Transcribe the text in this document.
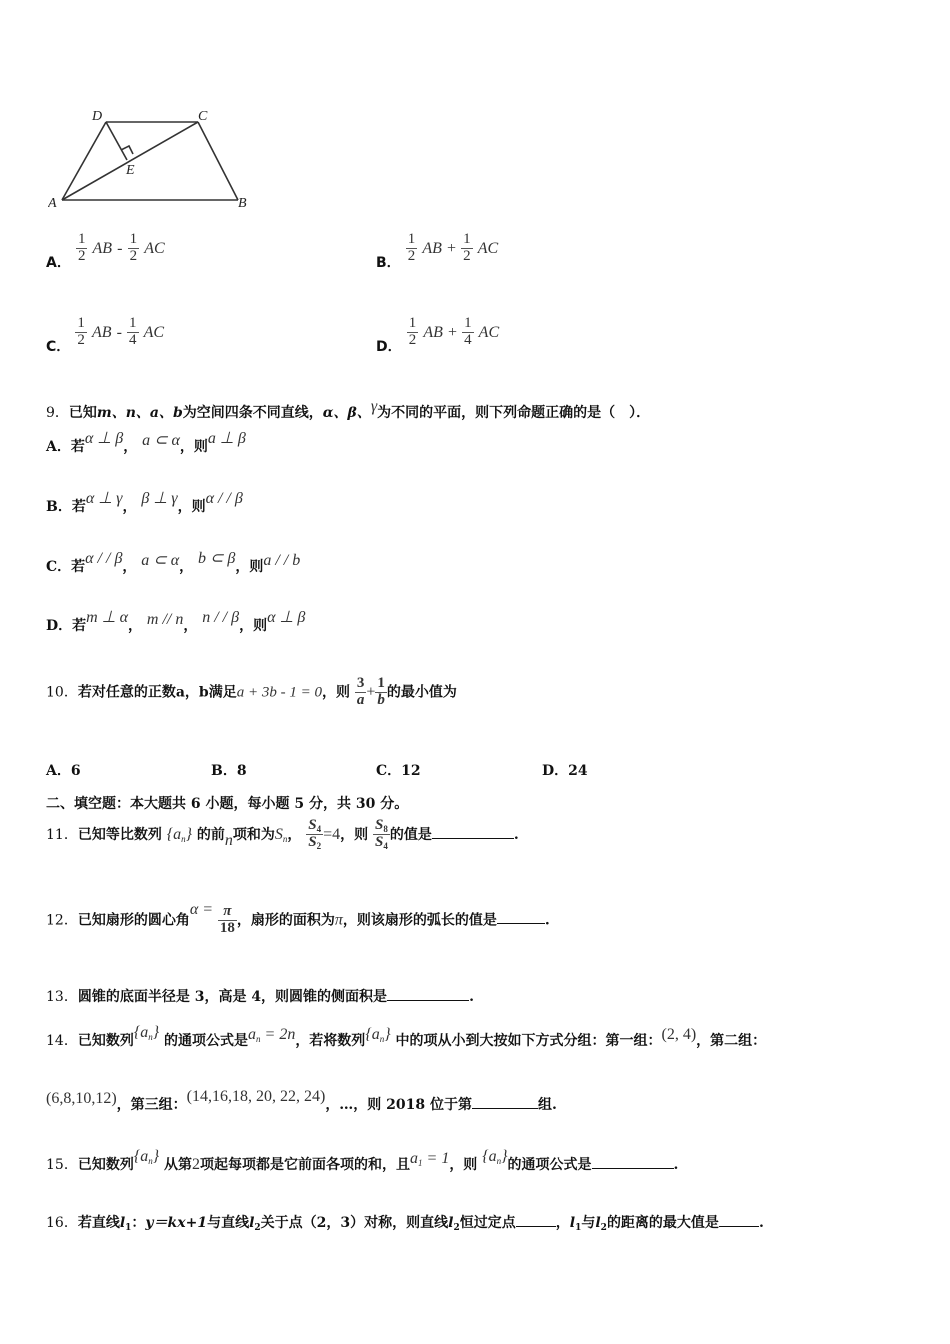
A	B
C
D
E
A． $\frac{1}{2}$ AB - $\frac{1}{2}$ AC
B． $\frac{1}{2}$ AB + $\frac{1}{2}$ AC
C． $\frac{1}{2}$ AB - $\frac{1}{4}$ AC
D． $\frac{1}{2}$ AB + $\frac{1}{4}$ AC
9．已知m、n、a、b为空间四条不同直线，α、β、γ为不同的平面，则下列命题正确的是（　）．
A．若α ⊥ β， a ⊂ α，则a ⊥ β
B．若α ⊥ γ， β ⊥ γ，则α / / β
C．若α / / β， a ⊂ α， b ⊂ β，则a / / b
D．若m ⊥ α， m // n， n / / β，则α ⊥ β
10．若对任意的正数a，b满足a + 3b - 1 = 0，则 $\frac{3}{a} + \frac{1}{b}$ 的最小值为
A．6	B．8	C．12	D．24
二、填空题：本大题共 6 小题，每小题 5 分，共 30 分。
11．已知等比数列 $\{a_n\}$ 的前n项和为$S_n$， $\frac{S_4}{S_2} =4$，则 $\frac{S_8}{S_4}$ 的值是	.
12．已知扇形的圆心角$\alpha = \frac{\pi}{18}$ ，扇形的面积为π，则该扇形的弧长的值是	.
13．圆锥的底面半径是 3，高是 4，则圆锥的侧面积是	.
14．已知数列$\{a_n\}$ 的通项公式是$a_n = 2n$，若将数列$\{a_n\}$ 中的项从小到大按如下方式分组：第一组：(2, 4)，第二组：
(6,8,10,12)，第三组：(14,16,18, 20, 22, 24)，…，则 2018 位于第	组.
15．已知数列$\{a_n\}$ 从第2项起每项都是它前面各项的和，且$a_1 = 1$，则 $\{a_n\}$的通项公式是	.
16．若直线$l_1$：y＝kx+1与直线$l_2$关于点（2，3）对称，则直线$l_2$恒过定点	，$l_1$与$l_2$的距离的最大值是	.
